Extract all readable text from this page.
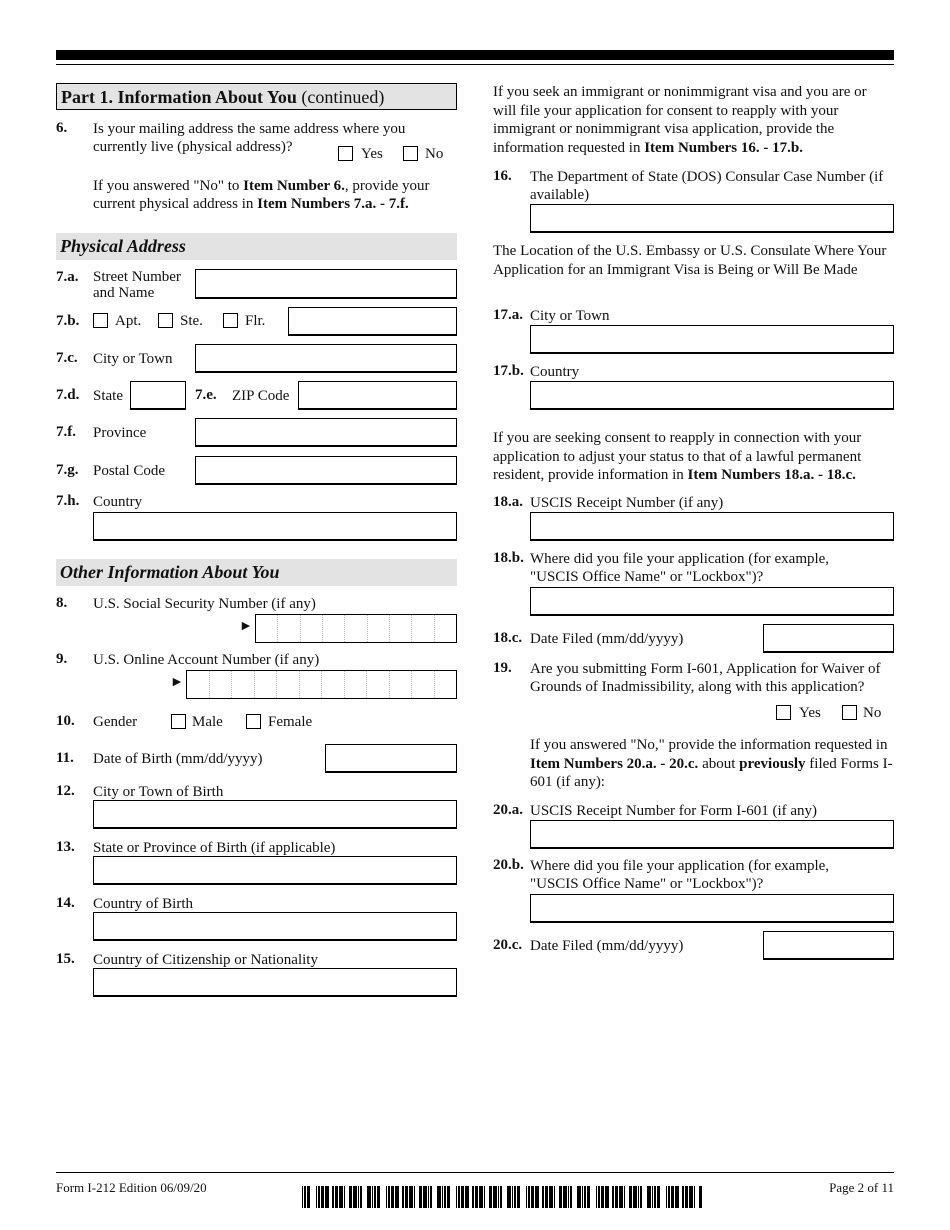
Part 1. Information About You (continued)
6. Is your mailing address the same address where you currently live (physical address)?	Yes	No
If you answered "No" to Item Number 6., provide your current physical address in Item Numbers 7.a. - 7.f.
Physical Address
7.a. Street Number and Name
7.b. Apt.	Ste.	Flr.
7.c. City or Town
7.d. State	7.e. ZIP Code
7.f. Province
7.g. Postal Code
7.h. Country
Other Information About You
8. U.S. Social Security Number (if any)
►
9. U.S. Online Account Number (if any)
►
10. Gender	Male	Female
11. Date of Birth (mm/dd/yyyy)
12. City or Town of Birth
13. State or Province of Birth (if applicable)
14. Country of Birth
15. Country of Citizenship or Nationality
If you seek an immigrant or nonimmigrant visa and you are or will file your application for consent to reapply with your immigrant or nonimmigrant visa application, provide the information requested in Item Numbers 16. - 17.b.
16. The Department of State (DOS) Consular Case Number (if available)
The Location of the U.S. Embassy or U.S. Consulate Where Your Application for an Immigrant Visa is Being or Will Be Made
17.a. City or Town
17.b. Country
If you are seeking consent to reapply in connection with your application to adjust your status to that of a lawful permanent resident, provide information in Item Numbers 18.a. - 18.c.
18.a. USCIS Receipt Number (if any)
18.b. Where did you file your application (for example, "USCIS Office Name" or "Lockbox")?
18.c. Date Filed (mm/dd/yyyy)
19. Are you submitting Form I-601, Application for Waiver of Grounds of Inadmissibility, along with this application?
Yes	No
If you answered "No," provide the information requested in Item Numbers 20.a. - 20.c. about previously filed Forms I-601 (if any):
20.a. USCIS Receipt Number for Form I-601 (if any)
20.b. Where did you file your application (for example, "USCIS Office Name" or "Lockbox")?
20.c. Date Filed (mm/dd/yyyy)
Form I-212 Edition 06/09/20	Page 2 of 11
